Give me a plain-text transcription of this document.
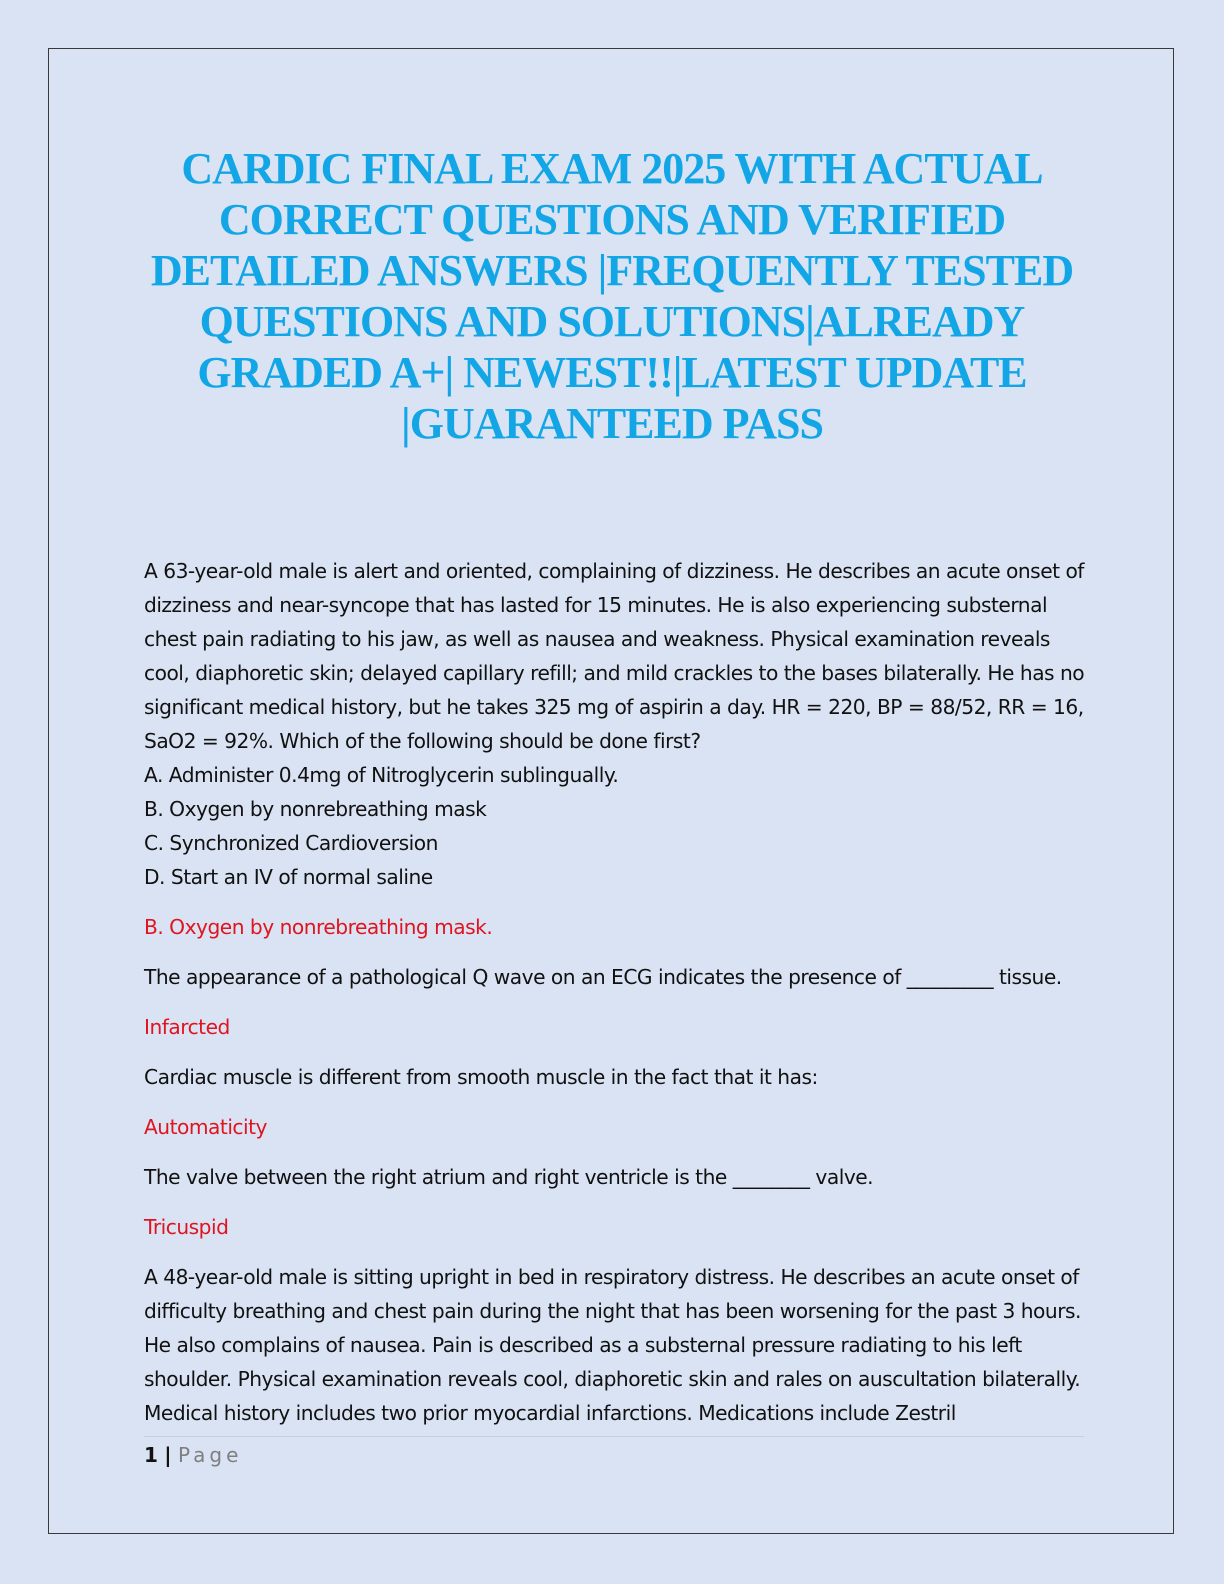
CARDIC FINAL EXAM 2025 WITH ACTUAL CORRECT QUESTIONS AND VERIFIED DETAILED ANSWERS |FREQUENTLY TESTED QUESTIONS AND SOLUTIONS|ALREADY GRADED A+| NEWEST!!|LATEST UPDATE |GUARANTEED PASS

A 63-year-old male is alert and oriented, complaining of dizziness. He describes an acute onset of dizziness and near-syncope that has lasted for 15 minutes. He is also experiencing substernal chest pain radiating to his jaw, as well as nausea and weakness. Physical examination reveals cool, diaphoretic skin; delayed capillary refill; and mild crackles to the bases bilaterally. He has no significant medical history, but he takes 325 mg of aspirin a day. HR = 220, BP = 88/52, RR = 16, SaO2 = 92%. Which of the following should be done first?

A. Administer 0.4mg of Nitroglycerin sublingually.

B. Oxygen by nonrebreathing mask

C. Synchronized Cardioversion

D. Start an IV of normal saline

B. Oxygen by nonrebreathing mask.

The appearance of a pathological Q wave on an ECG indicates the presence of _________ tissue.

Infarcted

Cardiac muscle is different from smooth muscle in the fact that it has:

Automaticity

The valve between the right atrium and right ventricle is the ________ valve.

Tricuspid

A 48-year-old male is sitting upright in bed in respiratory distress. He describes an acute onset of difficulty breathing and chest pain during the night that has been worsening for the past 3 hours. He also complains of nausea. Pain is described as a substernal pressure radiating to his left shoulder. Physical examination reveals cool, diaphoretic skin and rales on auscultation bilaterally. Medical history includes two prior myocardial infarctions. Medications include Zestril

1 | Page
